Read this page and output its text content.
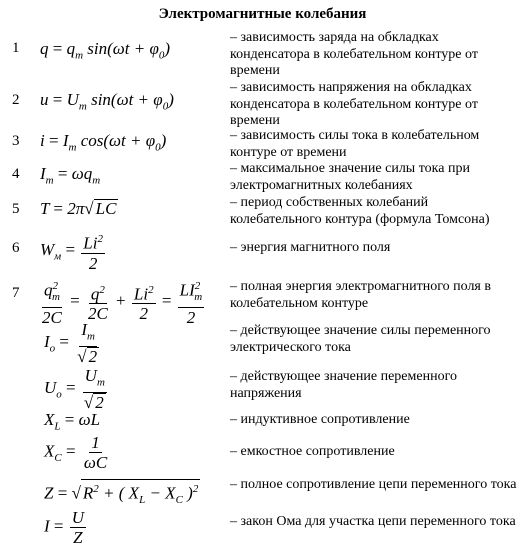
Электромагнитные колебания
1 $q = q_m$ $\sin(\omega t + \varphi_0)$
– зависимость заряда на обкладках конденсатора в колебательном контуре от времени
2 $u = U_m$ $\sin(\omega t + \varphi_0)$
– зависимость напряжения на обкладках конденсатора в колебательном контуре от времени
3 $i = I_m$ $\cos(\omega t + \varphi_0)$	– зависимость силы тока в колебательном контуре от времени
4 $I_m = \omega q_m$
– максимальное значение силы тока при электромагнитных колебаниях
5 T = 2π√ LC	– период собственных колебаний колебательного контура (формула Томсона)
6 $W_м = \frac{Li^2}{2}$	– энергия магнитного поля
$7 \frac{q^2_m}{2C} = \frac{q^2}{2C} + \frac{Li^2}{2} = \frac{LI^2_m}{2}$ – полная энергия электромагнитного поля в колебательном контуре
$I_о = \frac{I_m}{√ 2}$	– действующее значение силы переменного электрического тока
$U_о = \frac{U_m}{√ 2}$	– действующее значение переменного напряжения
$X_L = \omega L$	– индуктивное сопротивление
$X_C = \frac{1}{\omega C}$	– емкостное сопротивление
Z = √ $R^2$ + ( $X_L - X_C$ )$^2$ – полное сопротивление цепи переменного тока
$I = \frac{U}{Z}$	– закон Ома для участка цепи переменного тока
